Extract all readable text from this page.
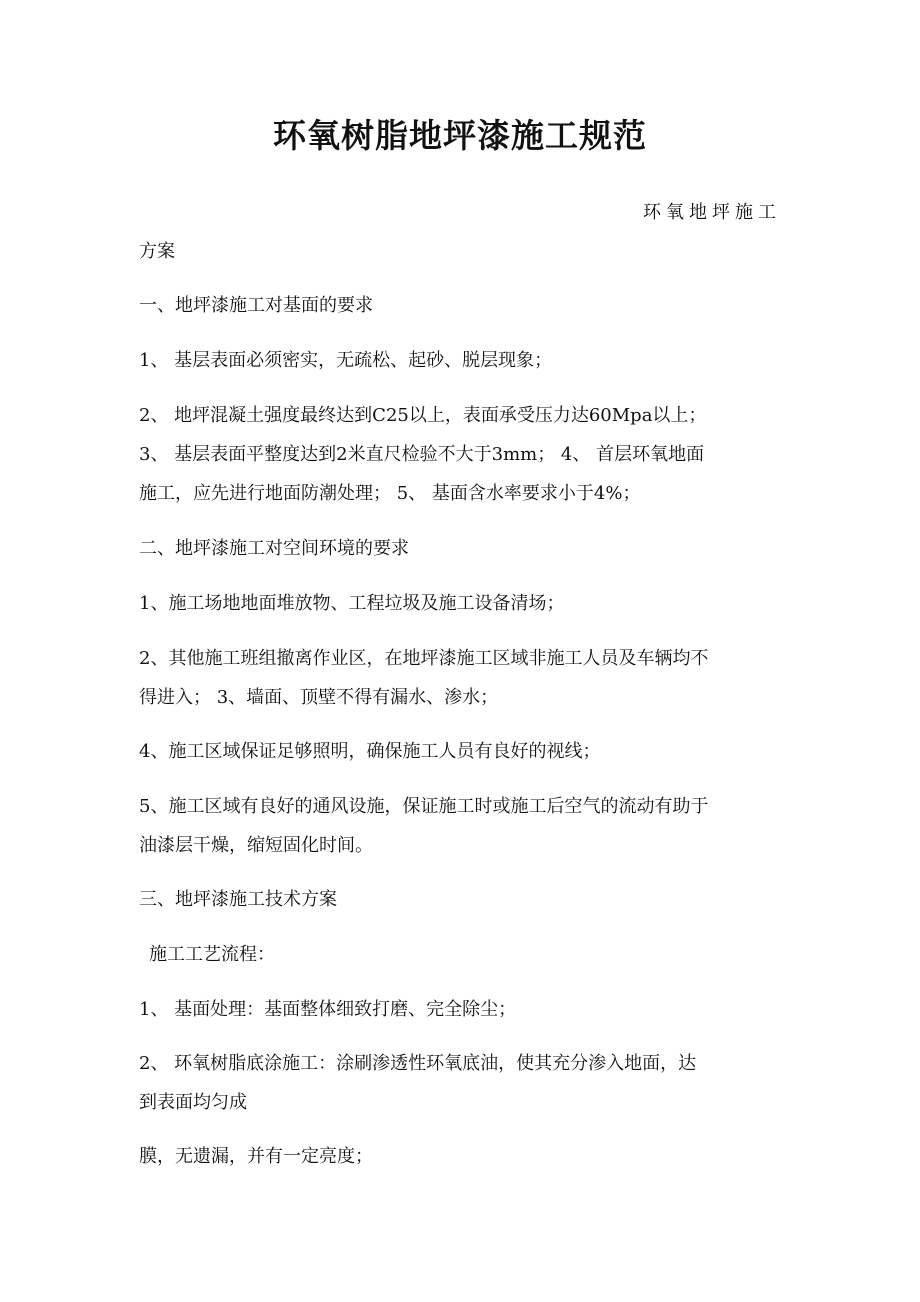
环氧树脂地坪漆施工规范
环氧地坪施工

方案

一、地坪漆施工对基面的要求

1、 基层表面必须密实，无疏松、起砂、脱层现象；

2、 地坪混凝土强度最终达到C25以上，表面承受压力达60Mpa以上；

3、 基层表面平整度达到2米直尺检验不大于3mm； 4、 首层环氧地面

施工，应先进行地面防潮处理； 5、 基面含水率要求小于4%；

二、地坪漆施工对空间环境的要求

1、施工场地地面堆放物、工程垃圾及施工设备清场；

2、其他施工班组撤离作业区，在地坪漆施工区域非施工人员及车辆均不

得进入； 3、墙面、顶壁不得有漏水、渗水；

4、施工区域保证足够照明，确保施工人员有良好的视线；

5、施工区域有良好的通风设施，保证施工时或施工后空气的流动有助于

油漆层干燥，缩短固化时间。

三、地坪漆施工技术方案

施工工艺流程：

1、 基面处理：基面整体细致打磨、完全除尘；

2、 环氧树脂底涂施工：涂刷渗透性环氧底油，使其充分渗入地面，达

到表面均匀成

膜，无遗漏，并有一定亮度；
